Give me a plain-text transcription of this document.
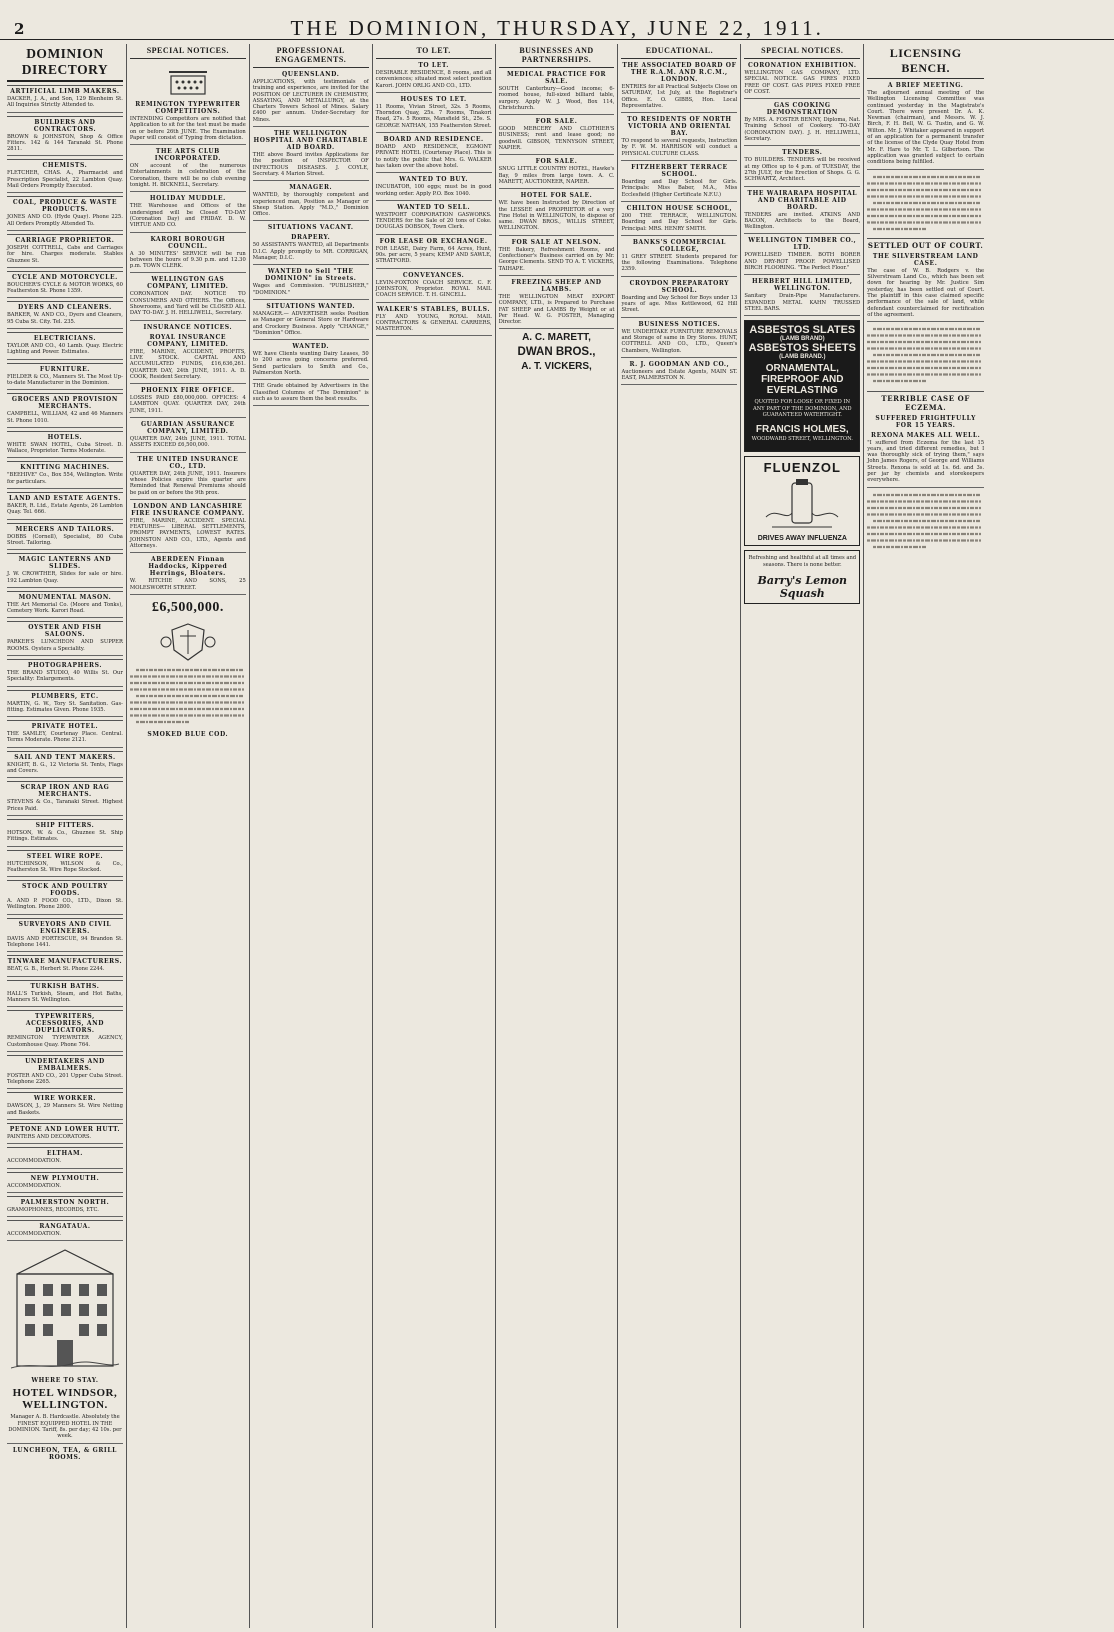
2	THE DOMINION, THURSDAY, JUNE 22, 1911.
DOMINION DIRECTORY
ARTIFICIAL LIMB MAKERS.
DACKER, J. A., and Son, 129 Blenheim St. All Inquiries Strictly Attended to.
BUILDERS AND CONTRACTORS.
BROWN & JOHNSTON, Shop & Office Fitters. 142 & 144 Taranaki St. Phone 2811.
CHEMISTS.
FLETCHER, CHAS. A., Pharmacist and Prescription Specialist, 22 Lambton Quay. Mail Orders Promptly Executed.
COAL, PRODUCE & WASTE PRODUCTS.
JONES AND CO. (Hyde Quay). Phone 225. All Orders Promptly Attended To.
CARRIAGE PROPRIETOR.
JOSEPH COTTRELL, Cabs and Carriages for hire. Charges moderate. Stables Ghuznee St.
CYCLE AND MOTORCYCLE.
BOUCHER'S CYCLE & MOTOR WORKS, 60 Featherston St. Phone 1359.
DYERS AND CLEANERS.
BARKER, W. AND CO., Dyers and Cleaners, 95 Cuba St. City. Tel. 235.
ELECTRICIANS.
TAYLOR AND CO., 40 Lamb. Quay. Electric Lighting and Power. Estimates.
FURNITURE.
FIELDER & CO., Manners St. The Most Up-to-date Manufacturer in the Dominion.
GROCERS AND PROVISION MERCHANTS.
CAMPBELL, WILLIAM, 42 and 46 Manners St. Phone 1010.
HOTELS.
WHITE SWAN HOTEL, Cuba Street. D. Wallace, Proprietor. Terms Moderate.
KNITTING MACHINES.
"BEEHIVE" Co., Box 554, Wellington. Write for particulars.
LAND AND ESTATE AGENTS.
BAKER, R. Ltd., Estate Agents, 26 Lambton Quay. Tel. 666.
MERCERS AND TAILORS.
DOBBS (Cornell), Specialist, 80 Cuba Street. Tailoring.
MAGIC LANTERNS AND SLIDES.
J. W. CROWTHER, Slides for sale or hire. 192 Lambton Quay.
MONUMENTAL MASON.
THE Art Memorial Co. (Moore and Tonks), Cemetery Work. Karori Road.
OYSTER AND FISH SALOONS.
PARKER'S LUNCHEON AND SUPPER ROOMS. Oysters a Speciality.
PHOTOGRAPHERS.
THE BRAND STUDIO, 40 Willis St. Our Speciality: Enlargements.
PLUMBERS, ETC.
MARTIN, G. W., Tory St. Sanitation. Gas-fitting. Estimates Given. Phone 1935.
PRIVATE HOTEL.
THE SAMLEY, Courtenay Place. Central. Terms Moderate. Phone 2121.
SAIL AND TENT MAKERS.
KNIGHT, B. G., 12 Victoria St. Tents, Flags and Covers.
SCRAP IRON AND RAG MERCHANTS.
STEVENS & Co., Taranaki Street. Highest Prices Paid.
SHIP FITTERS.
HOTSON, W. & Co., Ghuznee St. Ship Fittings. Estimates.
STEEL WIRE ROPE.
HUTCHINSON, WILSON & Co., Featherston St. Wire Rope Stocked.
STOCK AND POULTRY FOODS.
A. AND P. FOOD CO., LTD., Dixon St. Wellington. Phone 2800.
SURVEYORS AND CIVIL ENGINEERS.
DAVIS AND FORTESCUE, 94 Brandon St. Telephone 1441.
TINWARE MANUFACTURERS.
BEAT, G. B., Herbert St. Phone 2244.
TURKISH BATHS.
HALL'S Turkish, Steam, and Hot Baths, Manners St. Wellington.
TYPEWRITERS, ACCESSORIES, AND DUPLICATORS.
REMINGTON TYPEWRITER AGENCY, Customhouse Quay. Phone 764.
UNDERTAKERS AND EMBALMERS.
FOSTER AND CO., 201 Upper Cuba Street. Telephone 2265.
WIRE WORKER.
DAWSON, J., 29 Manners St. Wire Netting and Baskets.
PETONE AND LOWER HUTT.
PAINTERS AND DECORATORS.
ELTHAM.
ACCOMMODATION.
NEW PLYMOUTH.
ACCOMMODATION.
PALMERSTON NORTH.
GRAMOPHONES, RECORDS, ETC.
RANGATAUA.
ACCOMMODATION.
WHERE TO STAY.
HOTEL WINDSOR, WELLINGTON.
Manager A. B. Hardcastle. Absolutely the FINEST EQUIPPED HOTEL IN THE DOMINION. Tariff, 8s. per day; 42 10s. per week.
LUNCHEON, TEA, & GRILL ROOMS.
SPECIAL NOTICES.
REMINGTON TYPEWRITER COMPETITIONS.
INTENDING Competitors are notified that Application to sit for the test must be made on or before 26th JUNE. The Examination Paper will consist of Typing from dictation.
THE ARTS CLUB INCORPORATED.
ON account of the numerous Entertainments in celebration of the Coronation, there will be no club evening tonight. H. BICKNELL, Secretary.
HOLIDAY MUDDLE.
THE Warehouse and Offices of the undersigned will be Closed TO-DAY (Coronation Day) and FRIDAY. D. W. VIRTUE AND CO.
KARORI BOROUGH COUNCIL.
A 30 MINUTES' SERVICE will be run between the hours of 9.30 p.m. and 12.30 p.m. TOWN CLERK.
WELLINGTON GAS COMPANY, LIMITED.
CORONATION DAY. NOTICE TO CONSUMERS AND OTHERS. The Offices, Showrooms, and Yard will be CLOSED ALL DAY TO-DAY. J. H. HELLIWELL, Secretary.
INSURANCE NOTICES.
ROYAL INSURANCE COMPANY, LIMITED.
FIRE, MARINE, ACCIDENT, PROFITS, LIVE STOCK. CAPITAL AND ACCUMULATED FUNDS, £16,636,261. QUARTER DAY, 24th JUNE, 1911. A. D. COOK, Resident Secretary.
PHOENIX FIRE OFFICE.
LOSSES PAID £80,000,000. OFFICES: 4 LAMBTON QUAY. QUARTER DAY, 24th JUNE, 1911.
GUARDIAN ASSURANCE COMPANY, LIMITED.
QUARTER DAY, 24th JUNE, 1911. TOTAL ASSETS EXCEED £6,500,000.
THE UNITED INSURANCE CO., LTD.
QUARTER DAY, 24th JUNE, 1911. Insurers whose Policies expire this quarter are Reminded that Renewal Premiums should be paid on or before the 9th prox.
LONDON AND LANCASHIRE FIRE INSURANCE COMPANY.
FIRE, MARINE, ACCIDENT. SPECIAL FEATURES— LIBERAL SETTLEMENTS, PROMPT PAYMENTS, LOWEST RATES. JOHNSTON AND CO., LTD., Agents and Attorneys.
ABERDEEN Finnan Haddocks, Kippered Herrings, Bloaters.
W. RITCHIE AND SONS, 25 MOLESWORTH STREET.
£6,500,000.
SMOKED BLUE COD.
PROFESSIONAL ENGAGEMENTS.
QUEENSLAND.
APPLICATIONS, with testimonials of training and experience, are invited for the POSITION OF LECTURER IN CHEMISTRY, ASSAYING, AND METALLURGY, at the Charters Towers School of Mines. Salary £400 per annum. Under-Secretary for Mines.
THE WELLINGTON HOSPITAL AND CHARITABLE AID BOARD.
THE above Board invites Applications for the position of INSPECTOR OF INFECTIOUS DISEASES. J. COYLE, Secretary. 4 Marion Street.
MANAGER.
WANTED, by thoroughly competent and experienced man, Position as Manager or Sheep Station. Apply "M.D.," Dominion Office.
SITUATIONS VACANT.
DRAPERY.
50 ASSISTANTS WANTED, all Departments D.I.C. Apply promptly to MR. CORRIGAN, Manager, D.I.C.
WANTED to Sell "THE DOMINION" in Streets.
Wages and Commission. "PUBLISHER," "DOMINION."
SITUATIONS WANTED.
MANAGER.— ADVERTISER seeks Position as Manager or General Store or Hardware and Crockery Business. Apply "CHANGE," "Dominion" Office.
WANTED.
WE have Clients wanting Dairy Leases, 50 to 200 acres going concerns preferred. Send particulars to Smith and Co., Palmerston North.
THE Grade obtained by Advertisers in the Classified Columns of "The Dominion" is such as to assure them the best results.
TO LET.
TO LET.
DESIRABLE RESIDENCE, 8 rooms, and all conveniences; situated most select position Karori. JOHN ORLIG AND CO., LTD.
HOUSES TO LET.
11 Rooms, Vivian Street, 32s. 5 Rooms, Thorndon Quay, 25s. 7 Rooms, Tinakori Road, 27s. 5 Rooms, Mansfield St., 25s. S. GEORGE NATHAN, 155 Featherston Street.
BOARD AND RESIDENCE.
BOARD AND RESIDENCE, EGMONT PRIVATE HOTEL (Courtenay Place). This is to notify the public that Mrs. G. WALKER has taken over the above hotel.
WANTED TO BUY.
INCUBATOR, 100 eggs; must be in good working order. Apply P.O. Box 1040.
WANTED TO SELL.
WESTPORT CORPORATION GASWORKS. TENDERS for the Sale of 20 tons of Coke. DOUGLAS DOBSON, Town Clerk.
FOR LEASE OR EXCHANGE.
FOR LEASE, Dairy Farm, 64 Acres, Hunt, 90s. per acre, 5 years; KEMP AND SAWLE, STRATFORD.
CONVEYANCES.
LEVIN-FOXTON COACH SERVICE. C. F. JOHNSTON, Proprietor. ROYAL MAIL COACH SERVICE. T. H. GINCELL.
WALKER'S STABLES, BULLS.
FLY AND YOUNG, ROYAL MAIL CONTRACTORS & GENERAL CARRIERS, MASTERTON.
BUSINESSES AND PARTNERSHIPS.
MEDICAL PRACTICE FOR SALE.
SOUTH Canterbury—Good income; 6-roomed house, full-sized billiard table, surgery. Apply W. J. Wood, Box 114, Christchurch.
FOR SALE.
GOOD MERCERY AND CLOTHIER'S BUSINESS; rent and lease good; no goodwill. GIBSON, TENNYSON STREET, NAPIER.
FOR SALE.
SNUG LITTLE COUNTRY HOTEL, Hawke's Bay, 9 miles from large town. A. C. MARETT, AUCTIONEER, NAPIER.
HOTEL FOR SALE.
WE have been Instructed by Direction of the LESSEE and PROPRIETOR of a very Fine Hotel in WELLINGTON, to dispose of same. DWAN BROS., WILLIS STREET, WELLINGTON.
FOR SALE AT NELSON.
THE Bakery, Refreshment Rooms, and Confectioner's Business carried on by Mr. George Clements. SEND TO A. T. VICKERS, TAIHAPE.
FREEZING SHEEP AND LAMBS.
THE WELLINGTON MEAT EXPORT COMPANY, LTD., is Prepared to Purchase FAT SHEEP and LAMBS By Weight or at Per Head. W. G. FOSTER, Managing Director.
A. C. MARETT,
DWAN BROS.,
A. T. VICKERS,
EDUCATIONAL.
THE ASSOCIATED BOARD OF THE R.A.M. AND R.C.M., LONDON.
ENTRIES for all Practical Subjects Close on SATURDAY, 1st July, at the Registrar's Office. E. O. GIBBS, Hon. Local Representative.
TO RESIDENTS OF NORTH VICTORIA AND ORIENTAL BAY.
TO respond to several requests, Instruction by F. W. M. HARRISON will conduct a PHYSICAL CULTURE CLASS.
FITZHERBERT TERRACE SCHOOL.
Boarding and Day School for Girls. Principals: Miss Baber, M.A., Miss Ecclesfield (Higher Certificate N.F.U.)
CHILTON HOUSE SCHOOL,
200 THE TERRACE, WELLINGTON. Boarding and Day School for Girls. Principal: MRS. HENRY SMITH.
BANKS'S COMMERCIAL COLLEGE,
11 GREY STREET. Students prepared for the following Examinations. Telephone 2359.
CROYDON PREPARATORY SCHOOL.
Boarding and Day School for Boys under 13 years of age. Miss Kettlewood, 62 Hill Street.
BUSINESS NOTICES.
WE UNDERTAKE FURNITURE REMOVALS and Storage of same in Dry Stores. HUNT, COTTRELL AND CO., LTD., Queen's Chambers, Wellington.
R. J. GOODMAN AND CO.,
Auctioneers and Estate Agents, MAIN ST. EAST, PALMERSTON N.
SPECIAL NOTICES.
CORONATION EXHIBITION.
WELLINGTON GAS COMPANY, LTD. SPECIAL NOTICE. GAS FIRES FIXED FREE OF COST. GAS PIPES FIXED FREE OF COST.
GAS COOKING DEMONSTRATION
By MRS. A. FOSTER BENNY, Diploma, Nat. Training School of Cookery. TO-DAY (CORONATION DAY). J. H. HELLIWELL, Secretary.
TENDERS.
TO BUILDERS. TENDERS will be received at my Office up to 4 p.m. of TUESDAY, the 27th JULY, for the Erection of Shops. G. G. SCHWARTZ, Architect.
THE WAIRARAPA HOSPITAL AND CHARITABLE AID BOARD.
TENDERS are invited. ATKINS AND BACON, Architects to the Board, Wellington.
WELLINGTON TIMBER CO., LTD.
POWELLISED TIMBER. BOTH BORER AND DRY-ROT PROOF. POWELLISED BIRCH FLOORING. "The Perfect Floor."
HERBERT HILL LIMITED, WELLINGTON.
Sanitary Drain-Pipe Manufacturers. EXPANDED METAL KAHN TRUSSED STEEL BARS.
ASBESTOS SLATES
(LAMB BRAND)
ASBESTOS SHEETS
(LAMB BRAND.)
ORNAMENTAL, FIREPROOF AND EVERLASTING
QUOTED FOR LOOSE OR FIXED IN ANY PART OF THE DOMINION, AND GUARANTEED WATERTIGHT.
FRANCIS HOLMES,
WOODWARD STREET, WELLINGTON.
FLUENZOL
DRIVES AWAY INFLUENZA
Refreshing and healthful at all times and seasons. There is none better.
Barry's Lemon Squash
LICENSING BENCH.
A BRIEF MEETING.
The adjourned annual meeting of the Wellington Licensing Committee was continued yesterday in the Magistrate's Court. There were present Dr. A. K. Newman (chairman), and Messrs. W. J. Birch, F. H. Bell, W. G. Tustin, and G. W. Wilton. Mr. J. Whitaker appeared in support of an application for a permanent transfer of the license of the Clyde Quay Hotel from Mr. F. Hare to Mr. T. L. Gilbertson. The application was granted subject to certain conditions being fulfilled.
SETTLED OUT OF COURT.
THE SILVERSTREAM LAND CASE.
The case of W. B. Rodgers v. the Silverstream Land Co., which has been set down for hearing by Mr. Justice Sim yesterday, has been settled out of Court. The plaintiff in this case claimed specific performance of the sale of land, while defendant counterclaimed for rectification of the agreement.
TERRIBLE CASE OF ECZEMA.
SUFFERED FRIGHTFULLY FOR 15 YEARS.
REXONA MAKES ALL WELL.
"I suffered from Eczema for the last 15 years, and tried different remedies, but I was thoroughly sick of trying them," says John James Rogers, of George and Williams Streets. Rexona is sold at 1s. 6d. and 3s. per jar by chemists and storekeepers everywhere.
